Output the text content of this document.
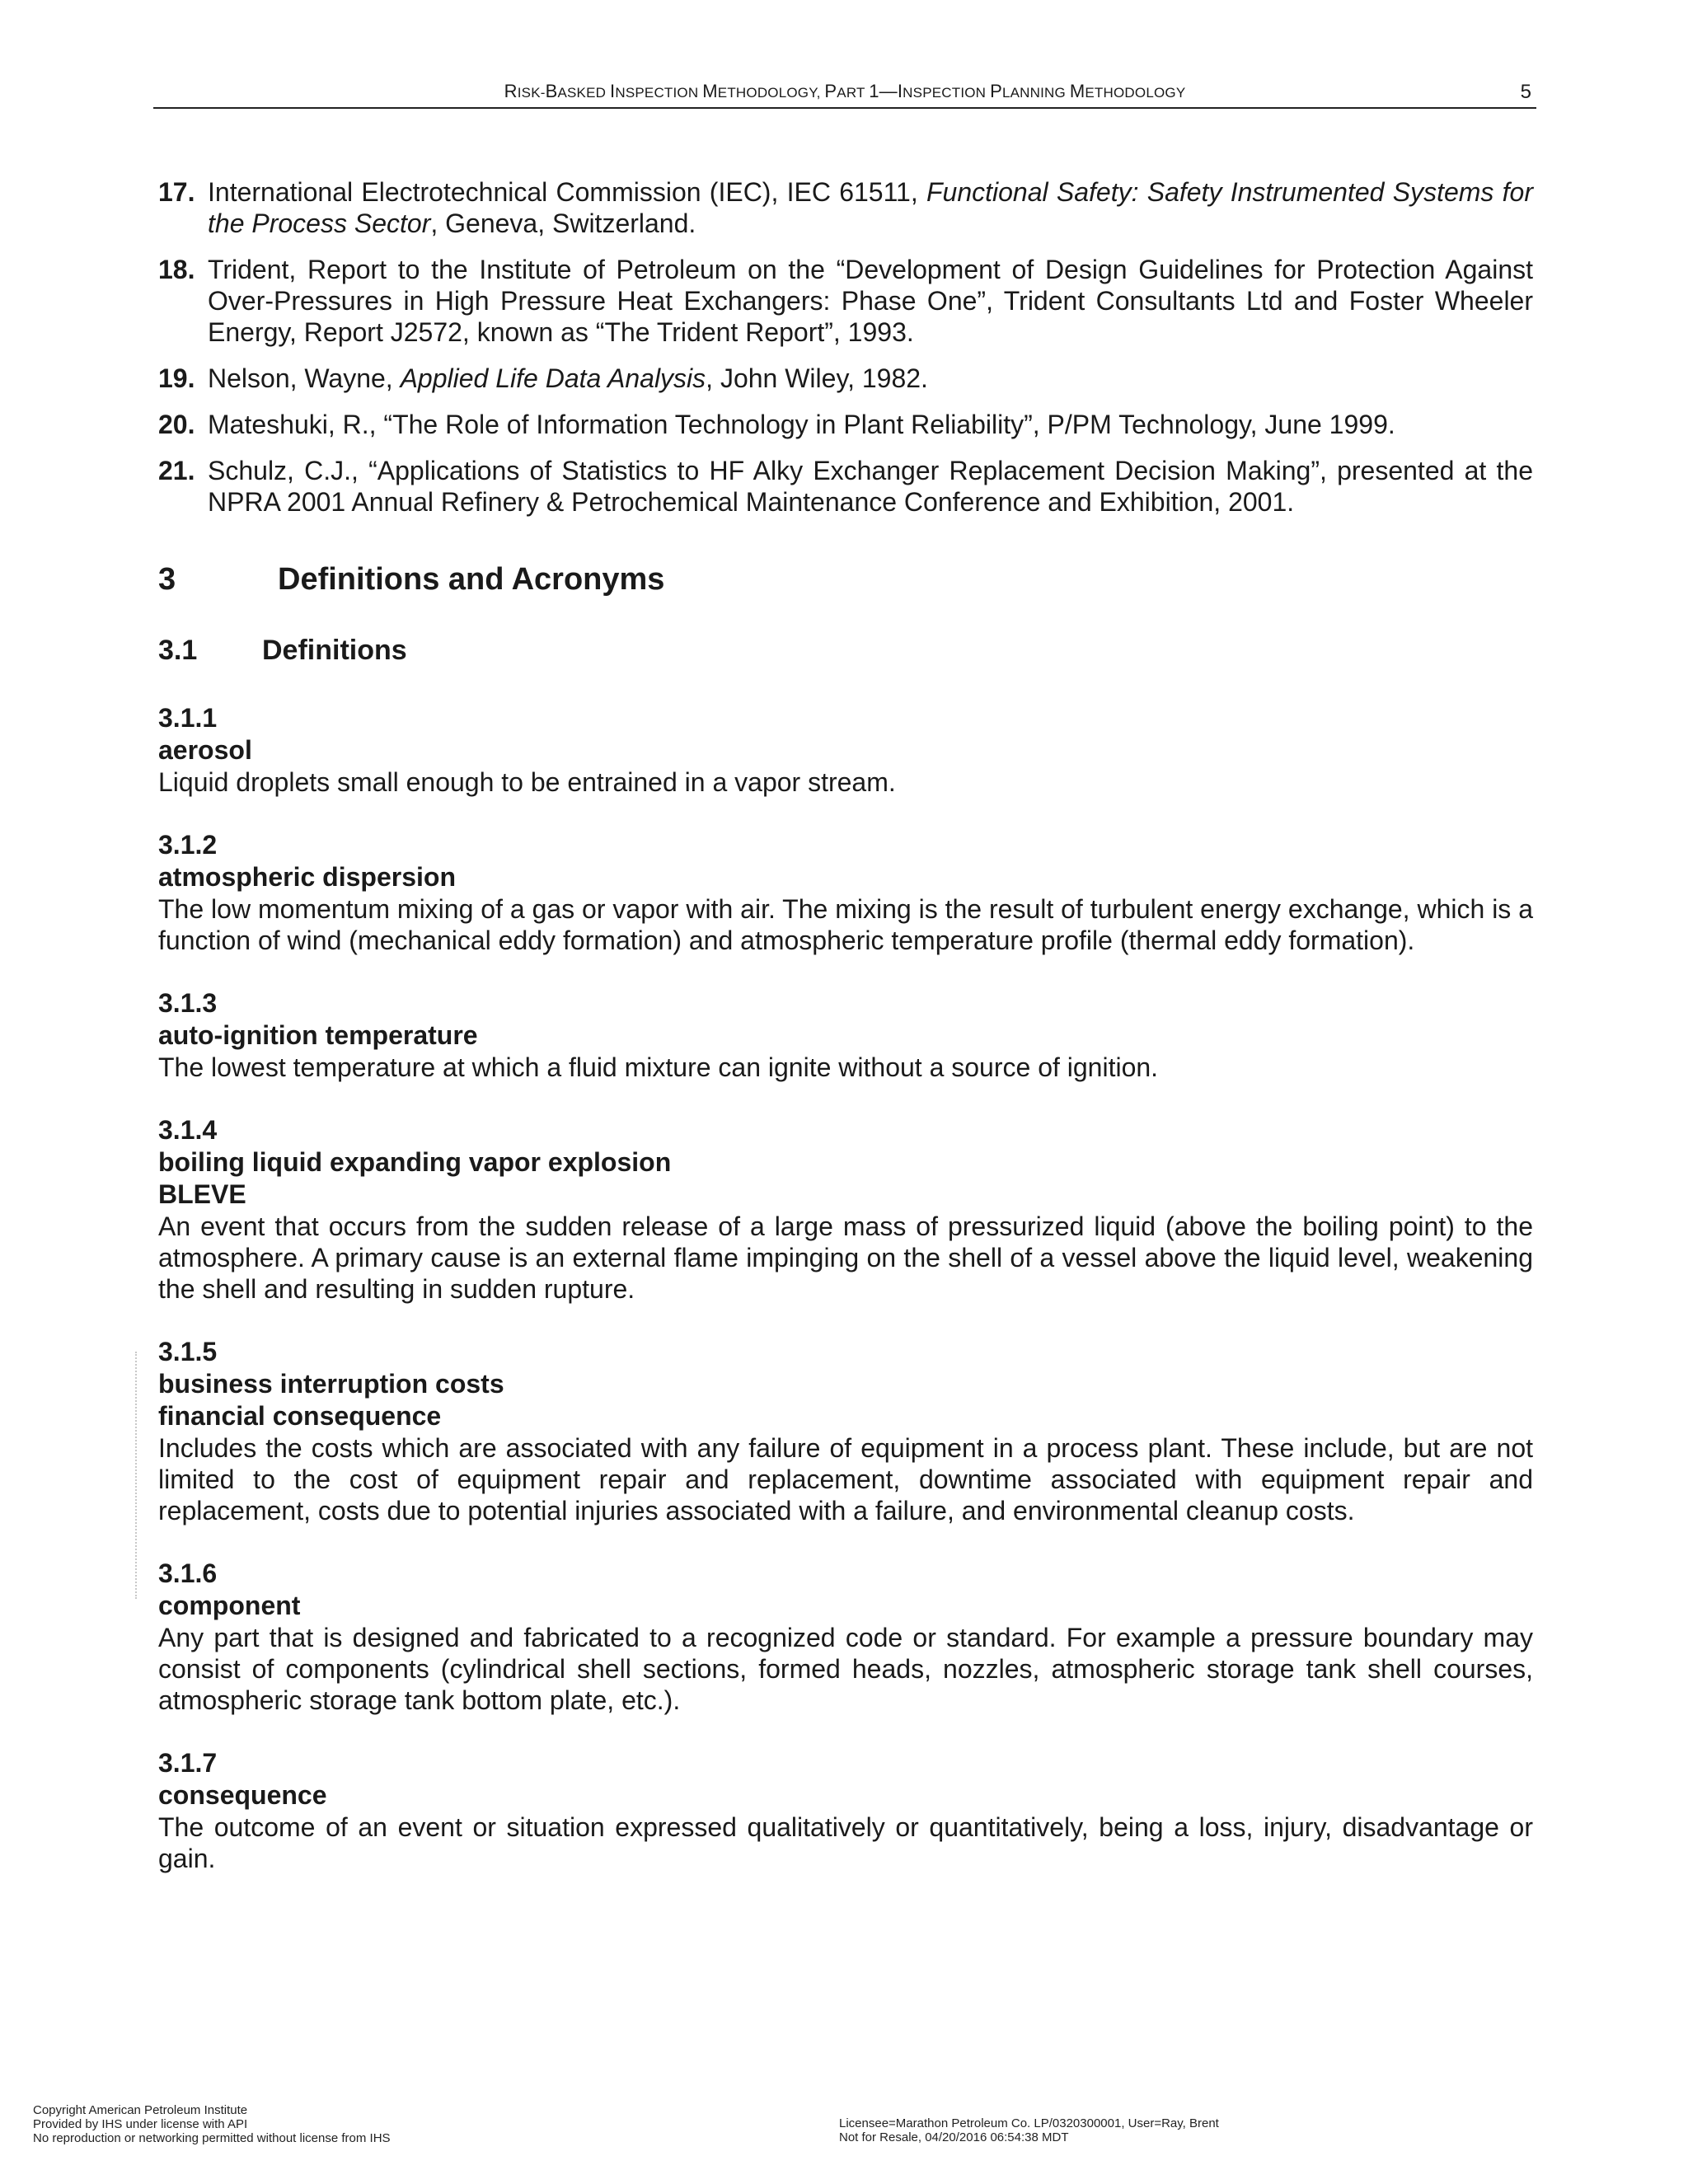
RISK-BASKED INSPECTION METHODOLOGY, PART 1—INSPECTION PLANNING METHODOLOGY	5
17. International Electrotechnical Commission (IEC), IEC 61511, Functional Safety: Safety Instrumented Systems for the Process Sector, Geneva, Switzerland.
18. Trident, Report to the Institute of Petroleum on the “Development of Design Guidelines for Protection Against Over-Pressures in High Pressure Heat Exchangers: Phase One”, Trident Consultants Ltd and Foster Wheeler Energy, Report J2572, known as “The Trident Report”, 1993.
19. Nelson, Wayne, Applied Life Data Analysis, John Wiley, 1982.
20. Mateshuki, R., “The Role of Information Technology in Plant Reliability”, P/PM Technology, June 1999.
21. Schulz, C.J., “Applications of Statistics to HF Alky Exchanger Replacement Decision Making”, presented at the NPRA 2001 Annual Refinery & Petrochemical Maintenance Conference and Exhibition, 2001.
3	Definitions and Acronyms
3.1 Definitions
3.1.1
aerosol
Liquid droplets small enough to be entrained in a vapor stream.
3.1.2
atmospheric dispersion
The low momentum mixing of a gas or vapor with air. The mixing is the result of turbulent energy exchange, which is a function of wind (mechanical eddy formation) and atmospheric temperature profile (thermal eddy formation).
3.1.3
auto-ignition temperature
The lowest temperature at which a fluid mixture can ignite without a source of ignition.
3.1.4
boiling liquid expanding vapor explosion
BLEVE
An event that occurs from the sudden release of a large mass of pressurized liquid (above the boiling point) to the atmosphere. A primary cause is an external flame impinging on the shell of a vessel above the liquid level, weakening the shell and resulting in sudden rupture.
3.1.5
business interruption costs
financial consequence
Includes the costs which are associated with any failure of equipment in a process plant. These include, but are not limited to the cost of equipment repair and replacement, downtime associated with equipment repair and replacement, costs due to potential injuries associated with a failure, and environmental cleanup costs.
3.1.6
component
Any part that is designed and fabricated to a recognized code or standard. For example a pressure boundary may consist of components (cylindrical shell sections, formed heads, nozzles, atmospheric storage tank shell courses, atmospheric storage tank bottom plate, etc.).
3.1.7
consequence
The outcome of an event or situation expressed qualitatively or quantitatively, being a loss, injury, disadvantage or gain.
Copyright American Petroleum Institute
Provided by IHS under license with API
No reproduction or networking permitted without license from IHS
Licensee=Marathon Petroleum Co. LP/0320300001, User=Ray, Brent
Not for Resale, 04/20/2016 06:54:38 MDT
